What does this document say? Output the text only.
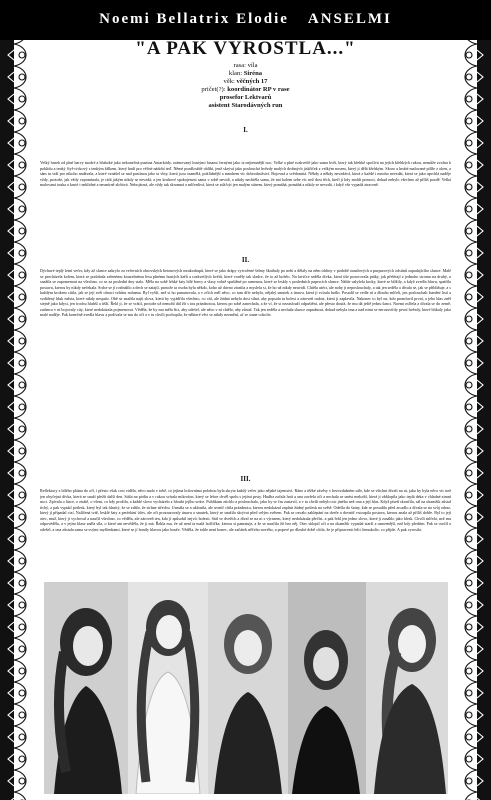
Noemi Bellatrix Elodie ANSELMI
"A PAK VYROSTLA..."
rasa: víla
klan: Siréna
věk: věčných 17
pričet(?): koordinátor RP v rase
prosefor Lektvarů
asistent Starodávných run
I.

Velký hrnek od plné barvy modré a hluboké jako nekonečná pustina Antarktidy, orámovaný hustými řasami černými jako ta nejtemnější noc. Velké a plné rozkvetlé jako sama květ, který tak křehké spočívá na jejích křehkých rukou, nemůže zvolna k poklidu a tenký čtyř-cívkový s tenkým šálkem, který budí pro věčné nádobí teď. Němé pozdlouhlé oblíbí, jenž skrývá jako poslouchá hvězdy malých drobných jiskřiček z velkým nosem, který ji dělá křehkým. Skoro a hrubé malované pilíře z oken, a sám tu vidí pro nikoho nadávala, a které vznášel se nad pustinou jako ta vlny, která jsou osamělá, poklidnější a mnohem víc dobrodružství. Bojovná a svědomitá. Někdy a někdy nevzdává, která z každé i mnoho nevzdát, která se jako uprchlá naděje vždy, protože, jak vždy vzpomínala, je rádi jakým nikdy se nevzdá, a jen kruhové spokojenost sama v sobě nevidí, a nikdy nechtěla sama, že má kolem sebe víc než dost těch, kteří ji kdy mohli pomoci, dokud nebylo všechno až příliš pozdě. Velká malovaná touha a kruté i neklidné a nesmírně zlobivá. Nebojácná, ale vždy tak skromná a mlčenlivá, která se zdá být jen malým stínem, který pomáhá, pomáhá a nikdy se nevzdá, i když vše vypadá ztraceně.

II.

Dýchavé teplý letní večer, kdy až slunce zakrylo za večerních obrovských betonových mrakodrapů, které se jako drápy vytvořené šelmy škrábaly po nebi a dělaly na něm trhliny v podobě oranžových a purpurových odstínů zapadajícího slunce. Malé se procházela kolem, která se podobala zelenému kouzelnému lesu plnému hustých keřů a rozkvetlých květů, které voněly tak sladce, že to až bolelo. Na lavičce seděla dívka, která tiše pozorovala ptáky, jak přelétají z jednoho stromu na druhý, a snažila se zapomenout na všechno, co se za poslední dny stalo. Měla na sobě lehké šaty bílé barvy a vlasy volně spuštěné po ramenou, které se leskly v posledních paprscích slunce. Náhle uslyšela kroky, které se blížily, a když zvedla hlavu, spatřila postavu, kterou by nikdy nečekala. Srdce se jí rozbušilo a dech se zatajil, protože ta osoba byla někdo, koho už dávno ztratila a myslela si, že ho už nikdy neuvidí. Chtěla utéct, ale nohy ji neposlouchaly, a tak jen seděla a dívala se, jak se přibližuje, a s každým krokem cítila, jak se její svět obrací vzhůru nohama. Byl vyšší, než si ho pamatovala, a v očích měl něco, co tam dřív nebylo, nějaký smutek a únavu, která jí svírala hrdlo. Posadil se vedle ní a dlouho mlčeli, jen poslouchali šumění listí a vzdálený hluk města, které nikdy nespalo. Obě se snažila najít slova, která by vyjádřila všechno, co cítí, ale žádná nebyla dost silná, aby popsala tu bolest a zároveň radost, která ji zaplavila. Nakonec to byl on, kdo promluvil první, a jeho hlas zněl stejně jako kdysi, jen trochu hlubší a tišší. Řekl jí, že se vrátil, protože už nemohl dál žít s tou prázdnotou, kterou po sobě zanechala, a že ví, že si nezaslouží odpuštění, ale přesto doufá, že mu dá ještě jednu šanci. Noemi mlčela a dívala se do země, zatímco v ní bojovaly city, které nedokázala pojmenovat. Věděla, že by mu měla říct, aby odešel, ale něco v ní chtělo, aby zůstal. Tak jen seděla a nechala slunce zapadnout, dokud nebyla tma a nad nimi se nerozsvítily první hvězdy, které blikaly jako malé naděje. Pak konečně zvedla hlavu a podívala se mu do očí a v tu chvíli pochopila, že některé věci se nikdy nezmění, ať se stane cokoliv.

III.

Reflektory z bílého plátna do očí, i přesto však cosi viděla, něco malo v tobě, co jejíma holovníma polohou byla skryta každý večer jako nějaké tajemství. Ráno a těžké závěsy v bezvzdušném sále, kde se všichni dívali na ni, jako by byla něco víc než jen obyčejná dívka, která se snaží přežít další den. Stála na pódiu a v rukou svírala mikrofon, který se lehce chvěl spolu s jejími prsty. Hudba začala hrát a ona zavřela oči a nechala se unést melodií, která ji obklopila jako teplá deka v chladné zimní noci. Zpívala o lásce, o ztrátě, o všem, co kdy prožila, a každé slovo vycházelo z hloubi jejího srdce. Publikum ztichlo a poslouchalo, jako by se čas zastavil, a v tu chvíli nebylo nic jiného než ona a její hlas. Když píseň skončila, sál na okamžik zůstal tichý, a pak vypukl potlesk, který byl tak hlasitý, že se zdálo, že strhne střechu. Usmála se a uklonila, ale uvnitř cítila prázdnotu, kterou nedokázal zaplnit žádný potlesk na světě. Odešla do šatny, kde se posadila před zrcadlo a dívala se na svůj odraz, který jí připadal cizí. Nalíčená tvář, lesklé šaty a perfektní účes, ale oči prozrazovaly únavu a smutek, který se snažila skrývat před celým světem. Pak se ozvalo zaklepání na dveře a dovnitř vstoupila postava, kterou znala až příliš dobře. Byl to její otec, muž, který ji vychoval a naučil všechno, co věděla, ale zároveň ten, kdo jí způsobil nejvíc bolesti. Stál ve dveřích a díval se na ni s výrazem, který nedokázala přečíst, a pak řekl jen jedno slovo, které ji zasáhlo jako blesk. Chvíli mlčela, než mu odpověděla, a v jejím hlase zněla síla, o které ani nevěděla, že ji má. Řekla mu, že už není ta malá holčička, kterou si pamatuje, a že se naučila žít bez něj. Otec sklopil oči a na okamžik vypadal starší a unavenější, než kdy předtím. Pak se otočil a odešel, a ona zůstala sama se svými myšlenkami, které se jí honily hlavou jako bouře. Věděla, že tohle není konec, ale začátek něčeho nového, a poprvé po dlouhé době cítila, že je připravená čelit čemukoliv, co přijde. A pak vyrostla.
